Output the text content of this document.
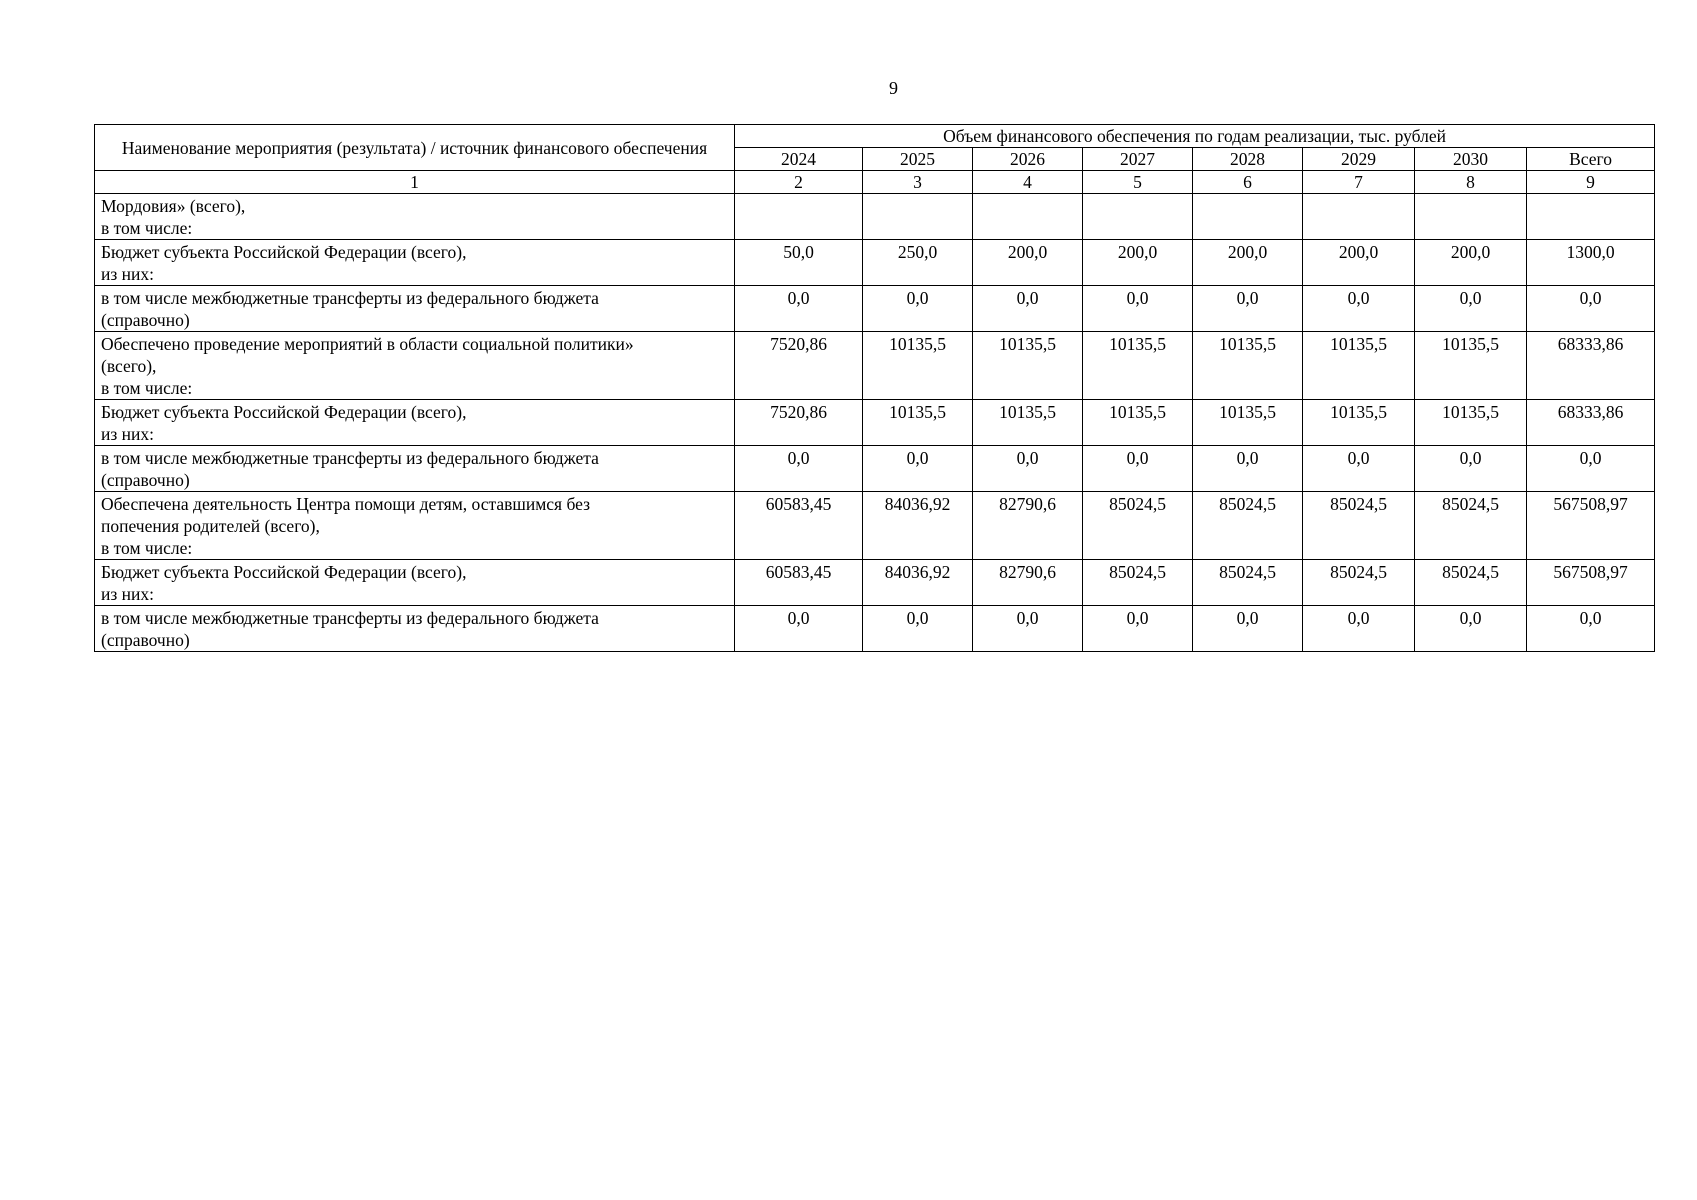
9
Наименование мероприятия (результата) / источник финансового обеспечения	Объем финансового обеспечения по годам реализации, тыс. рублей							
	2024	2025	2026	2027	2028	2029	2030	Всего
1	2	3	4	5	6	7	8	9

Мордовия» (всего),
в том числе:								

Бюджет субъекта Российской Федерации (всего),
из них:	50,0	250,0	200,0	200,0	200,0	200,0	200,0	1300,0

в том числе межбюджетные трансферты из федерального бюджета
(справочно)	0,0	0,0	0,0	0,0	0,0	0,0	0,0	0,0

Обеспечено проведение мероприятий в области социальной политики»
(всего),
в том числе:	7520,86	10135,5	10135,5	10135,5	10135,5	10135,5	10135,5	68333,86

Бюджет субъекта Российской Федерации (всего),
из них:	7520,86	10135,5	10135,5	10135,5	10135,5	10135,5	10135,5	68333,86

в том числе межбюджетные трансферты из федерального бюджета
(справочно)	0,0	0,0	0,0	0,0	0,0	0,0	0,0	0,0

Обеспечена деятельность Центра помощи детям, оставшимся без
попечения родителей (всего),
в том числе:	60583,45	84036,92	82790,6	85024,5	85024,5	85024,5	85024,5	567508,97

Бюджет субъекта Российской Федерации (всего),
из них:	60583,45	84036,92	82790,6	85024,5	85024,5	85024,5	85024,5	567508,97

в том числе межбюджетные трансферты из федерального бюджета
(справочно)	0,0	0,0	0,0	0,0	0,0	0,0	0,0	0,0
